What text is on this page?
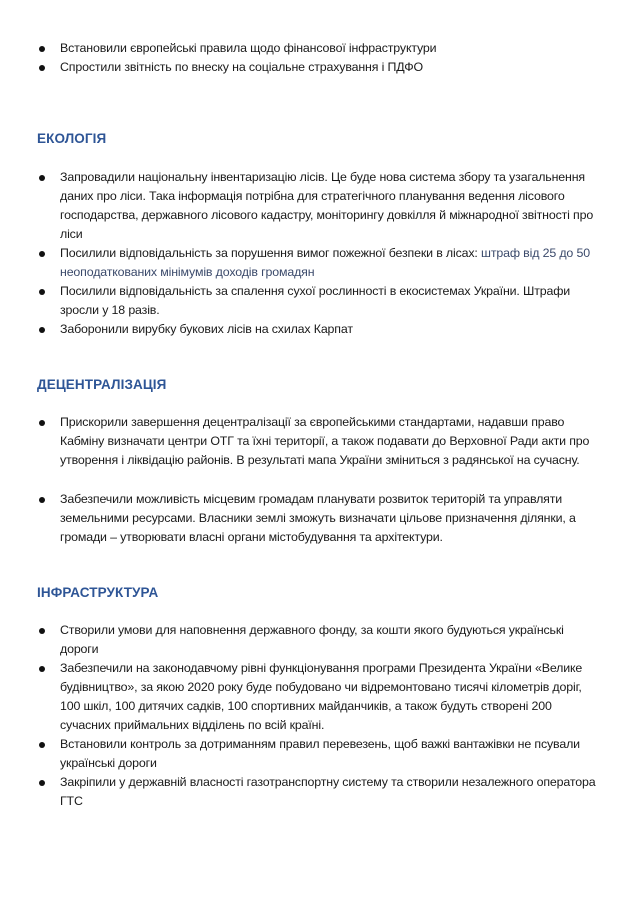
Встановили європейські правила щодо фінансової інфраструктури
Спростили звітність по внеску на соціальне страхування і ПДФО
ЕКОЛОГІЯ
Запровадили національну інвентаризацію лісів. Це буде нова система збору та узагальнення даних про ліси. Така інформація потрібна для стратегічного планування ведення лісового господарства, державного лісового кадастру, моніторингу довкілля й міжнародної звітності про ліси
Посилили відповідальність за порушення вимог пожежної безпеки в лісах: штраф від 25 до 50 неоподаткованих мінімумів доходів громадян
Посилили відповідальність за спалення сухої рослинності в екосистемах України. Штрафи зросли у 18 разів.
Заборонили вирубку букових лісів на схилах Карпат
ДЕЦЕНТРАЛІЗАЦІЯ
Прискорили завершення децентралізації за європейськими стандартами, надавши право Кабміну визначати центри ОТГ та їхні території, а також подавати до Верховної Ради акти про утворення і ліквідацію районів. В результаті мапа України зміниться з радянської на сучасну.
Забезпечили можливість місцевим громадам планувати розвиток територій та управляти земельними ресурсами. Власники землі зможуть визначати цільове призначення ділянки, а громади – утворювати власні органи містобудування та архітектури.
ІНФРАСТРУКТУРА
Створили умови для наповнення державного фонду, за кошти якого будуються українські дороги
Забезпечили на законодавчому рівні функціонування програми Президента України «Велике будівництво», за якою 2020 року буде побудовано чи відремонтовано тисячі кілометрів доріг, 100 шкіл, 100 дитячих садків, 100 спортивних майданчиків, а також будуть створені 200 сучасних приймальних відділень по всій країні.
Встановили контроль за дотриманням правил перевезень, щоб важкі вантажівки не псували українські дороги
Закріпили у державній власності газотранспортну систему та створили незалежного оператора ГТС
